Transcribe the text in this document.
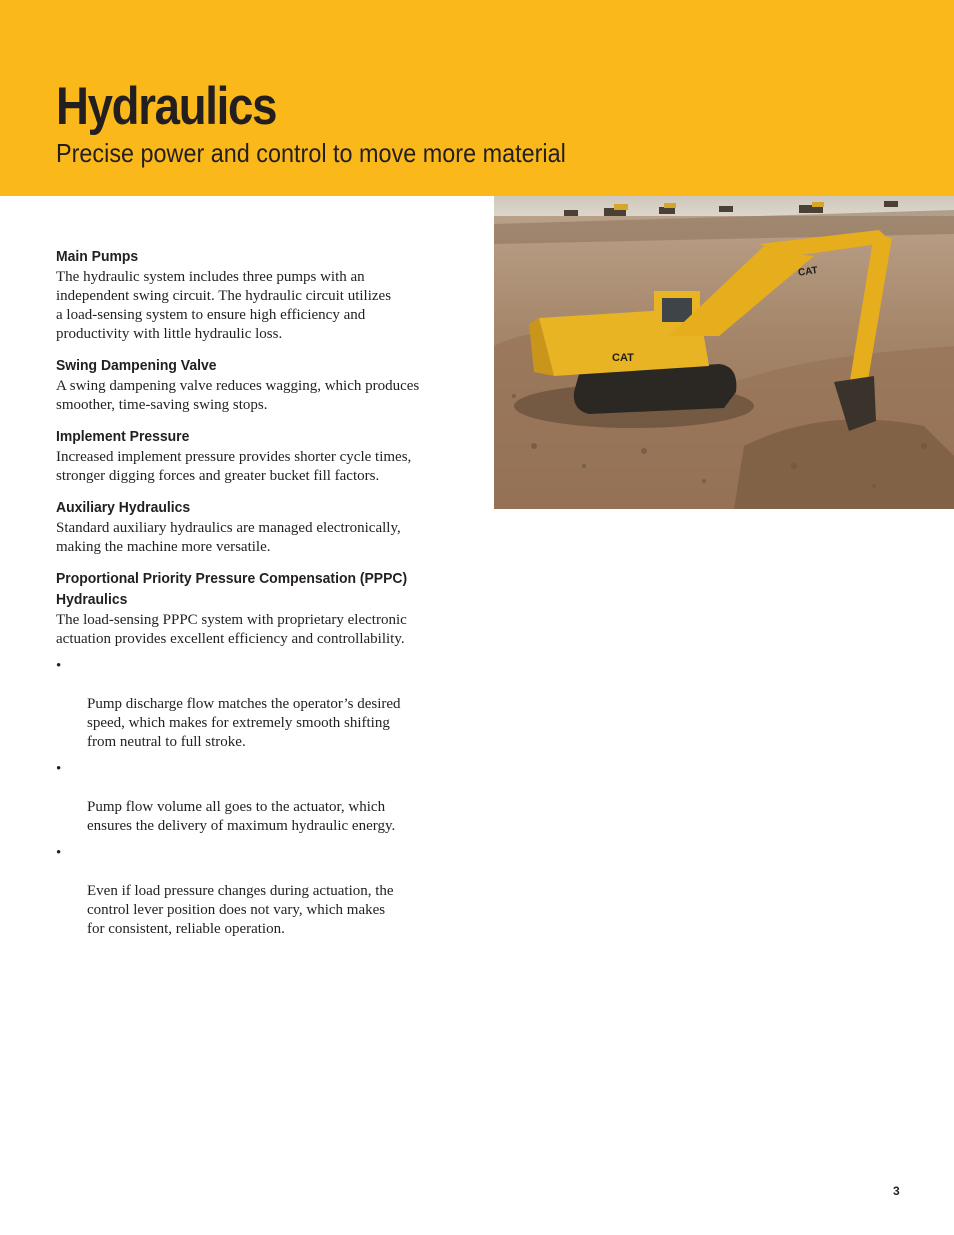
Hydraulics

Precise power and control to move more material

Main Pumps

The hydraulic system includes three pumps with an
independent swing circuit. The hydraulic circuit utilizes
a load-sensing system to ensure high efficiency and
productivity with little hydraulic loss.

Swing Dampening Valve

A swing dampening valve reduces wagging, which produces
smoother, time-saving swing stops.

Implement Pressure

Increased implement pressure provides shorter cycle times,
stronger digging forces and greater bucket fill factors.

Auxiliary Hydraulics

Standard auxiliary hydraulics are managed electronically,
making the machine more versatile.

Proportional Priority Pressure Compensation (PPPC)

Hydraulics

The load-sensing PPPC system with proprietary electronic
actuation provides excellent efficiency and controllability.

•

Pump discharge flow matches the operator’s desired
speed, which makes for extremely smooth shifting
from neutral to full stroke.

•

Pump flow volume all goes to the actuator, which
ensures the delivery of maximum hydraulic energy.

•

Even if load pressure changes during actuation, the
control lever position does not vary, which makes
for consistent, reliable operation.

CAT
CAT

3
